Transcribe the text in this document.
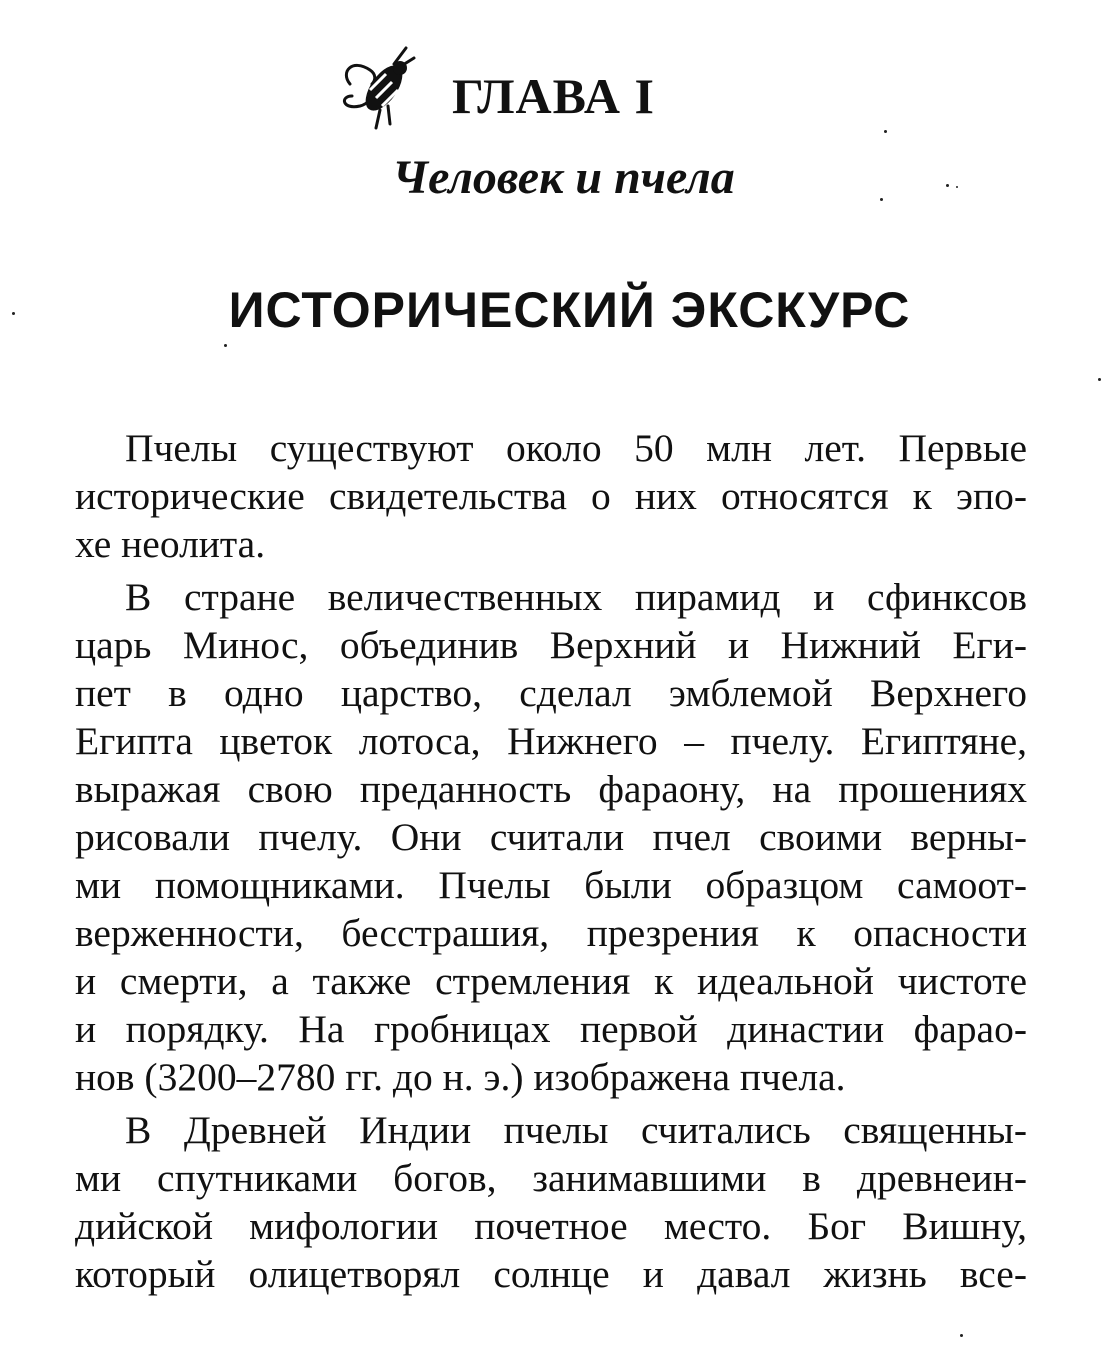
ГЛАВА I
Человек и пчела
ИСТОРИЧЕСКИЙ ЭКСКУРС
Пчелы существуют около 50 млн лет. Первые
исторические свидетельства о них относятся к эпо-
хе неолита.
В стране величественных пирамид и сфинксов
царь Минос, объединив Верхний и Нижний Еги-
пет в одно царство, сделал эмблемой Верхнего
Египта цветок лотоса, Нижнего – пчелу. Египтяне,
выражая свою преданность фараону, на прошениях
рисовали пчелу. Они считали пчел своими верны-
ми помощниками. Пчелы были образцом самоот-
верженности, бесстрашия, презрения к опасности
и смерти, а также стремления к идеальной чистоте
и порядку. На гробницах первой династии фарао-
нов (3200–2780 гг. до н. э.) изображена пчела.
В Древней Индии пчелы считались священны-
ми спутниками богов, занимавшими в древнеин-
дийской мифологии почетное место. Бог Вишну,
который олицетворял солнце и давал жизнь все-
